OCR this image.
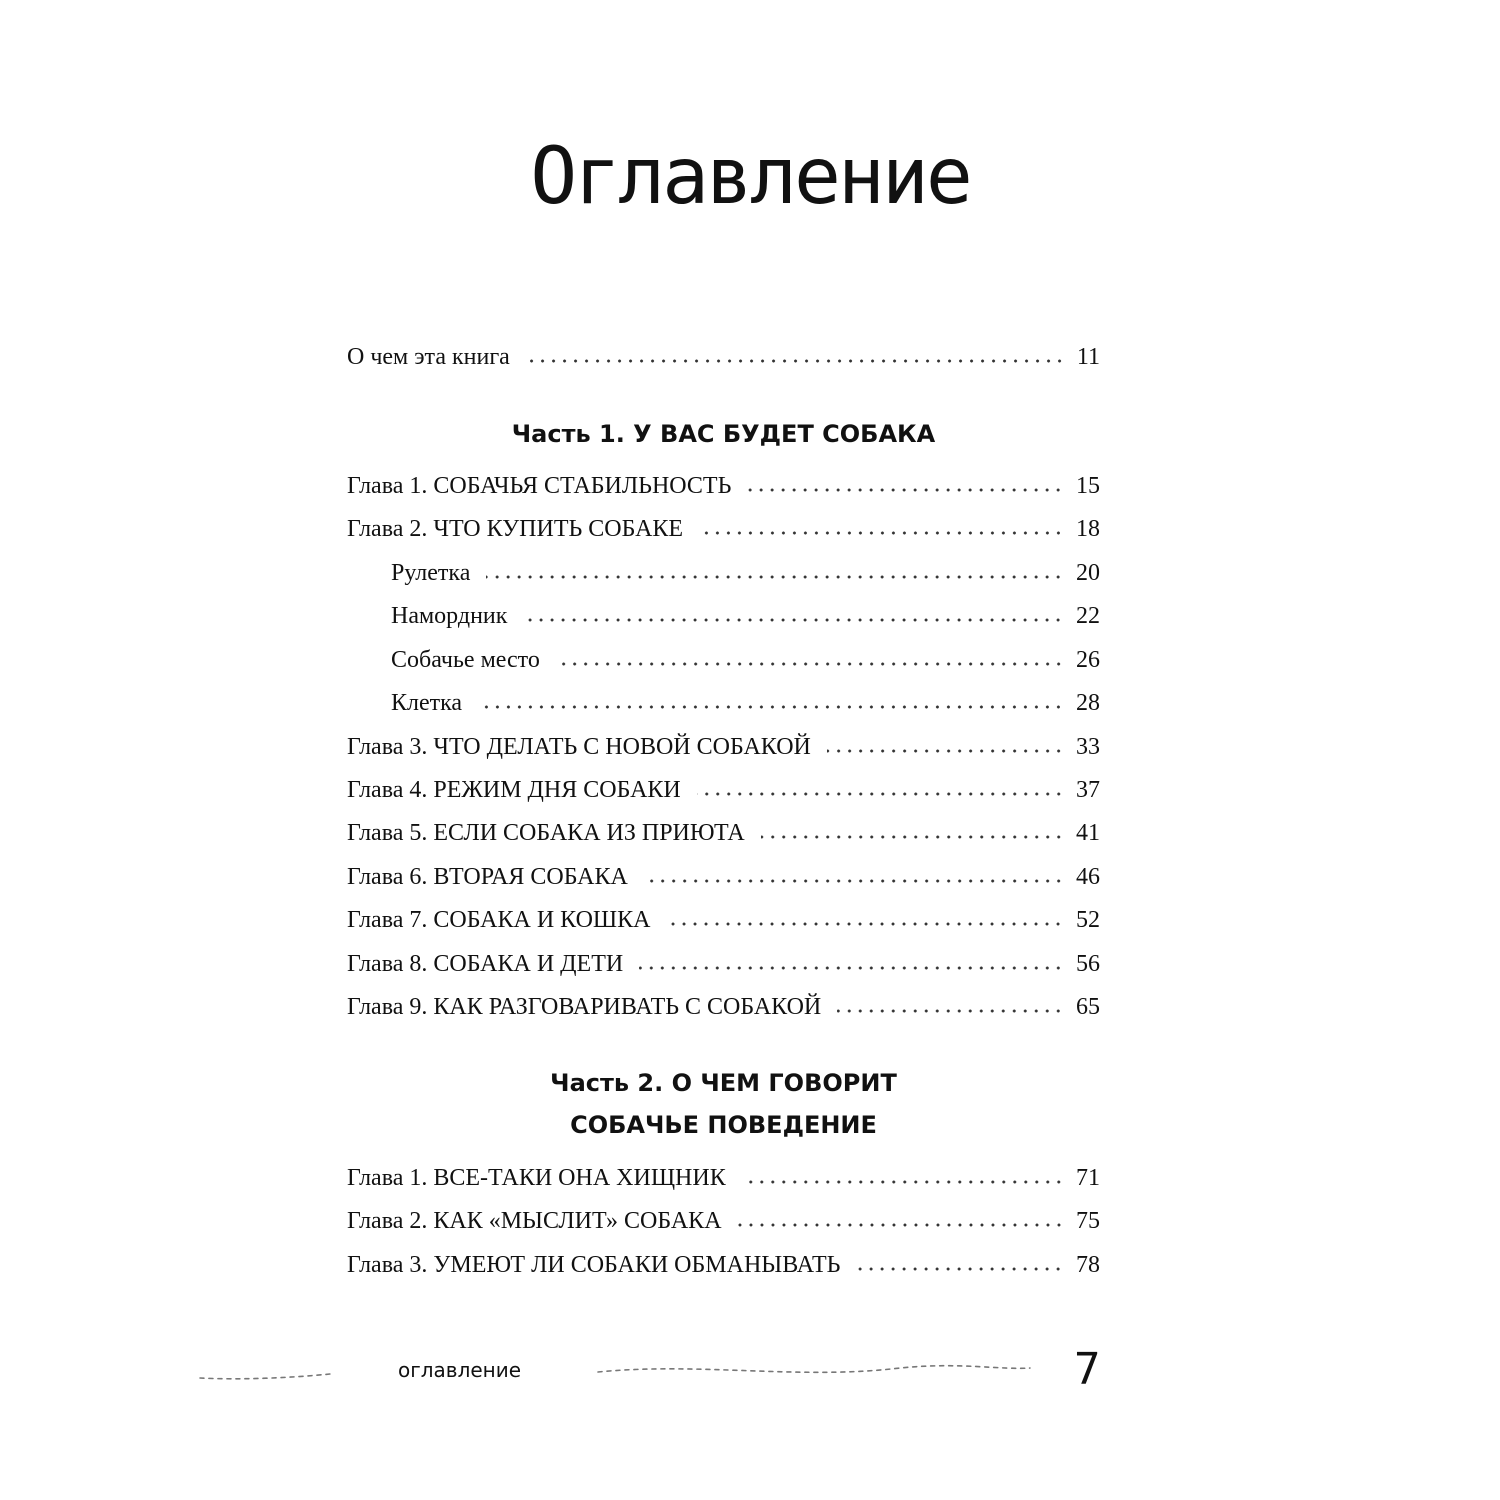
Оглавление
О чем эта книга	11
Глава 1. СОБАЧЬЯ СТАБИЛЬНОСТЬ	15
Глава 2. ЧТО КУПИТЬ СОБАКЕ	18
Рулетка	20
Намордник	22
Собачье место	26
Клетка	28
Глава 3. ЧТО ДЕЛАТЬ С НОВОЙ СОБАКОЙ	33
Глава 4. РЕЖИМ ДНЯ СОБАКИ	37
Глава 5. ЕСЛИ СОБАКА ИЗ ПРИЮТА	41
Глава 6. ВТОРАЯ СОБАКА	46
Глава 7. СОБАКА И КОШКА	52
Глава 8. СОБАКА И ДЕТИ	56
Глава 9. КАК РАЗГОВАРИВАТЬ С СОБАКОЙ	65
Глава 1. ВСЕ-ТАКИ ОНА ХИЩНИК	71
Глава 2. КАК «МЫСЛИТ» СОБАКА	75
Глава 3. УМЕЮТ ЛИ СОБАКИ ОБМАНЫВАТЬ	78
Часть 1. У ВАС БУДЕТ СОБАКА
Часть 2. О ЧЕМ ГОВОРИТ
СОБАЧЬЕ ПОВЕДЕНИЕ
оглавление	7
